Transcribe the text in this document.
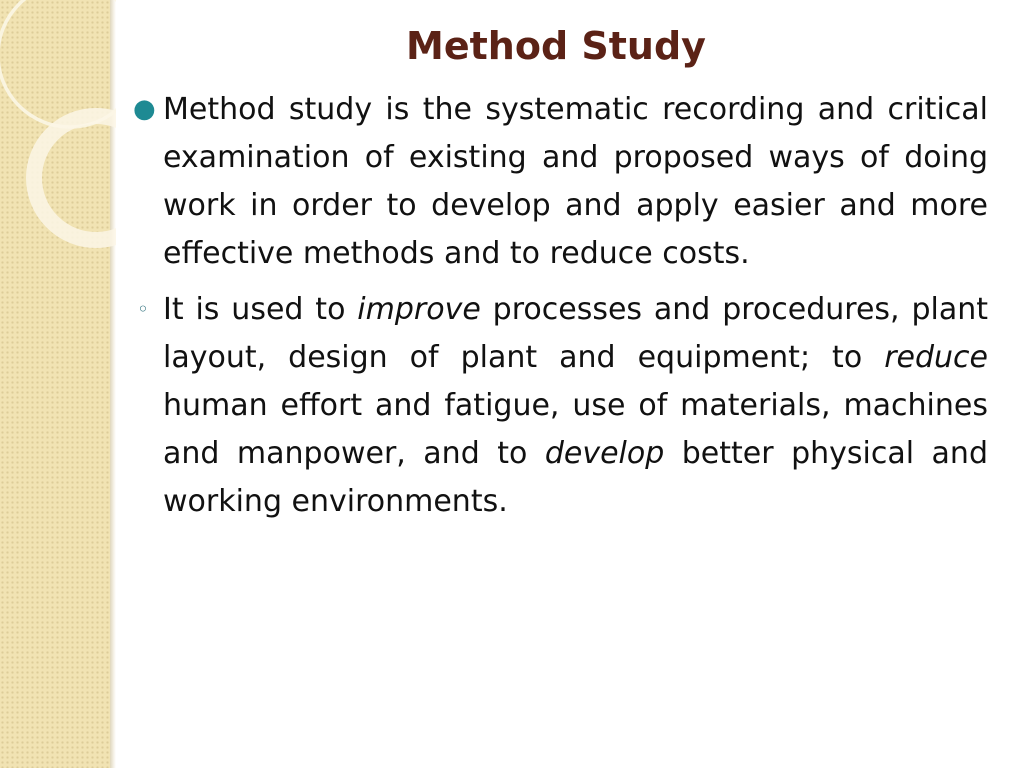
Method Study

● Method study is the systematic recording and critical examination of existing and proposed ways of doing work in order to develop and apply easier and more effective methods and to reduce costs.

◦ It is used to improve processes and procedures, plant layout, design of plant and equipment; to reduce human effort and fatigue, use of materials, machines and manpower, and to develop better physical and working environments.
